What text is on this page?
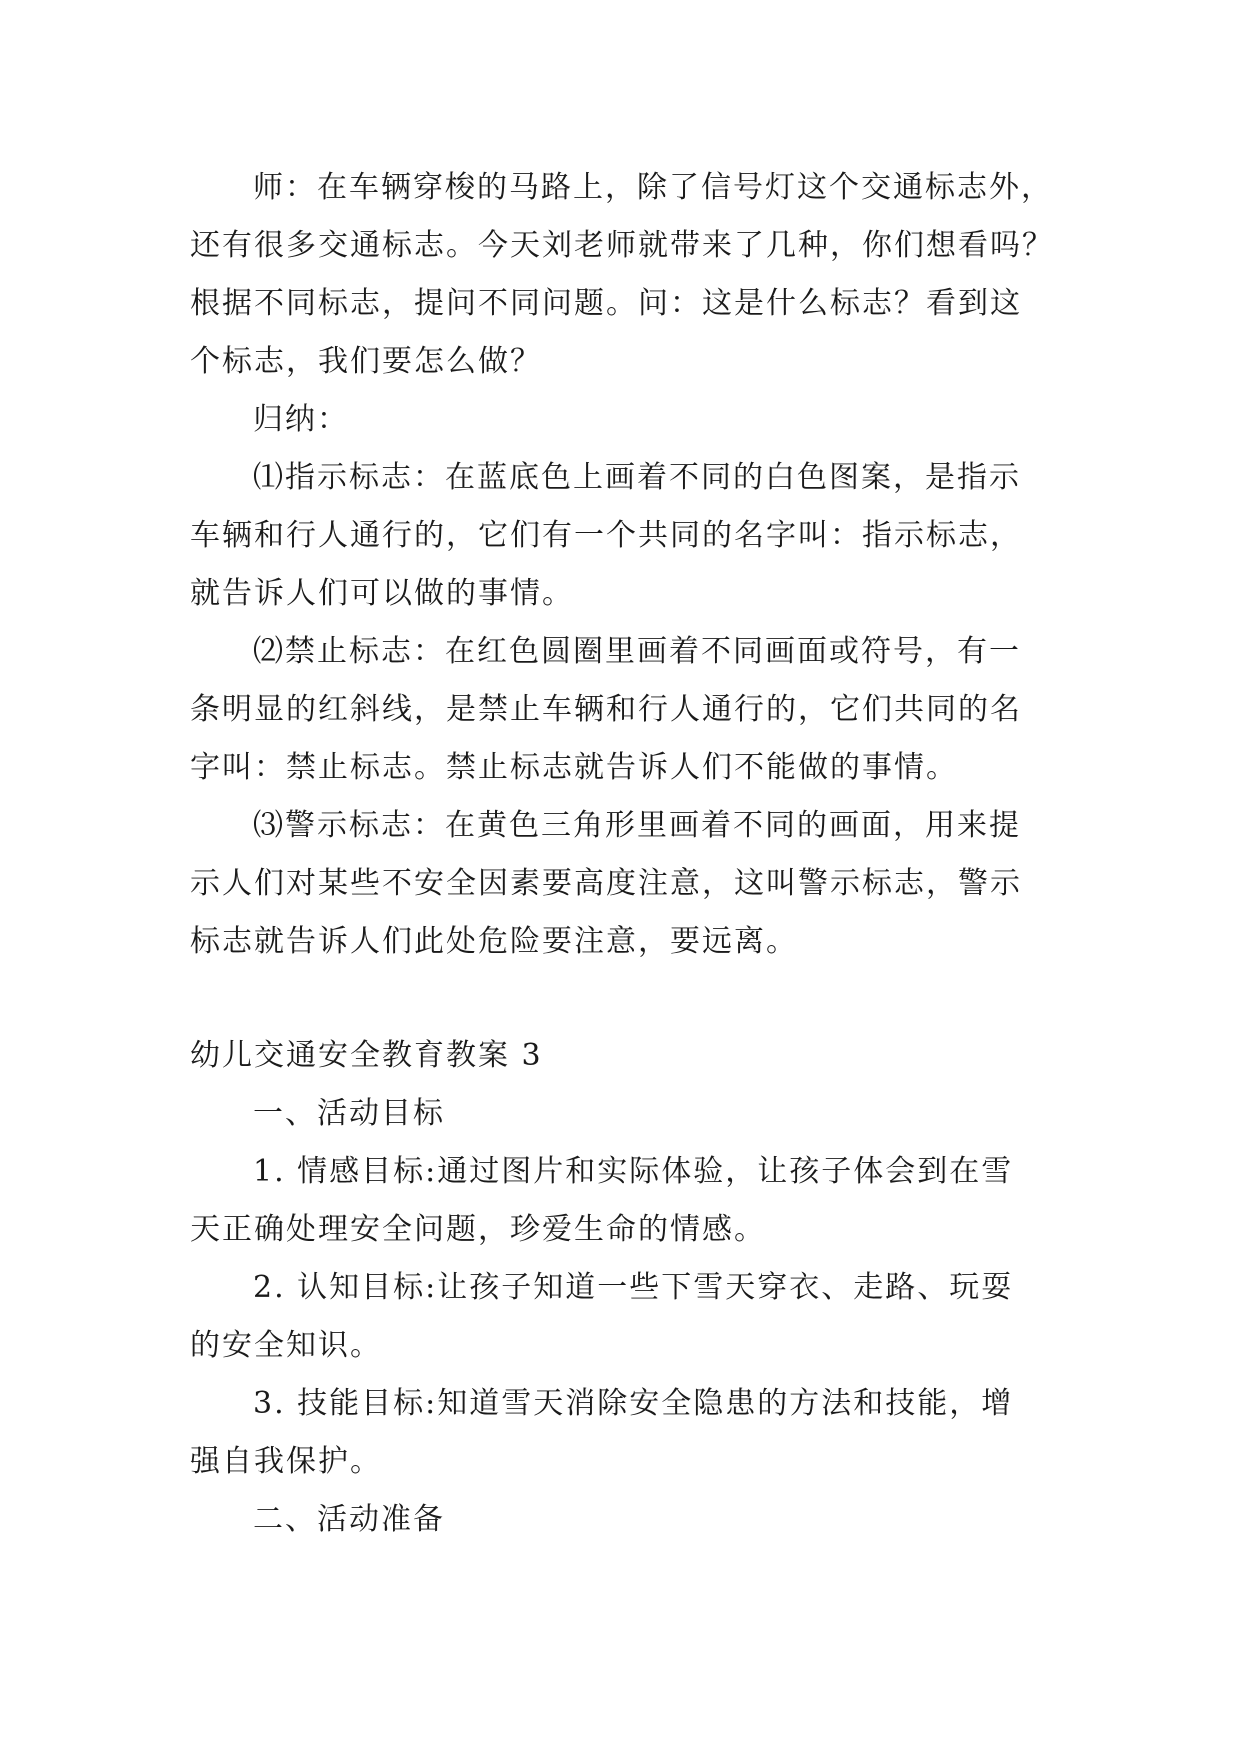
师：在车辆穿梭的马路上，除了信号灯这个交通标志外，
还有很多交通标志。今天刘老师就带来了几种，你们想看吗？
根据不同标志，提问不同问题。问：这是什么标志？看到这
个标志，我们要怎么做？
归纳：
⑴指示标志：在蓝底色上画着不同的白色图案，是指示
车辆和行人通行的，它们有一个共同的名字叫：指示标志，
就告诉人们可以做的事情。
⑵禁止标志：在红色圆圈里画着不同画面或符号，有一
条明显的红斜线，是禁止车辆和行人通行的，它们共同的名
字叫：禁止标志。禁止标志就告诉人们不能做的事情。
⑶警示标志：在黄色三角形里画着不同的画面，用来提
示人们对某些不安全因素要高度注意，这叫警示标志，警示
标志就告诉人们此处危险要注意，要远离。
幼儿交通安全教育教案 3
一、活动目标
1. 情感目标:通过图片和实际体验，让孩子体会到在雪
天正确处理安全问题，珍爱生命的情感。
2. 认知目标:让孩子知道一些下雪天穿衣、走路、玩耍
的安全知识。
3. 技能目标:知道雪天消除安全隐患的方法和技能，增
强自我保护。
二、活动准备
